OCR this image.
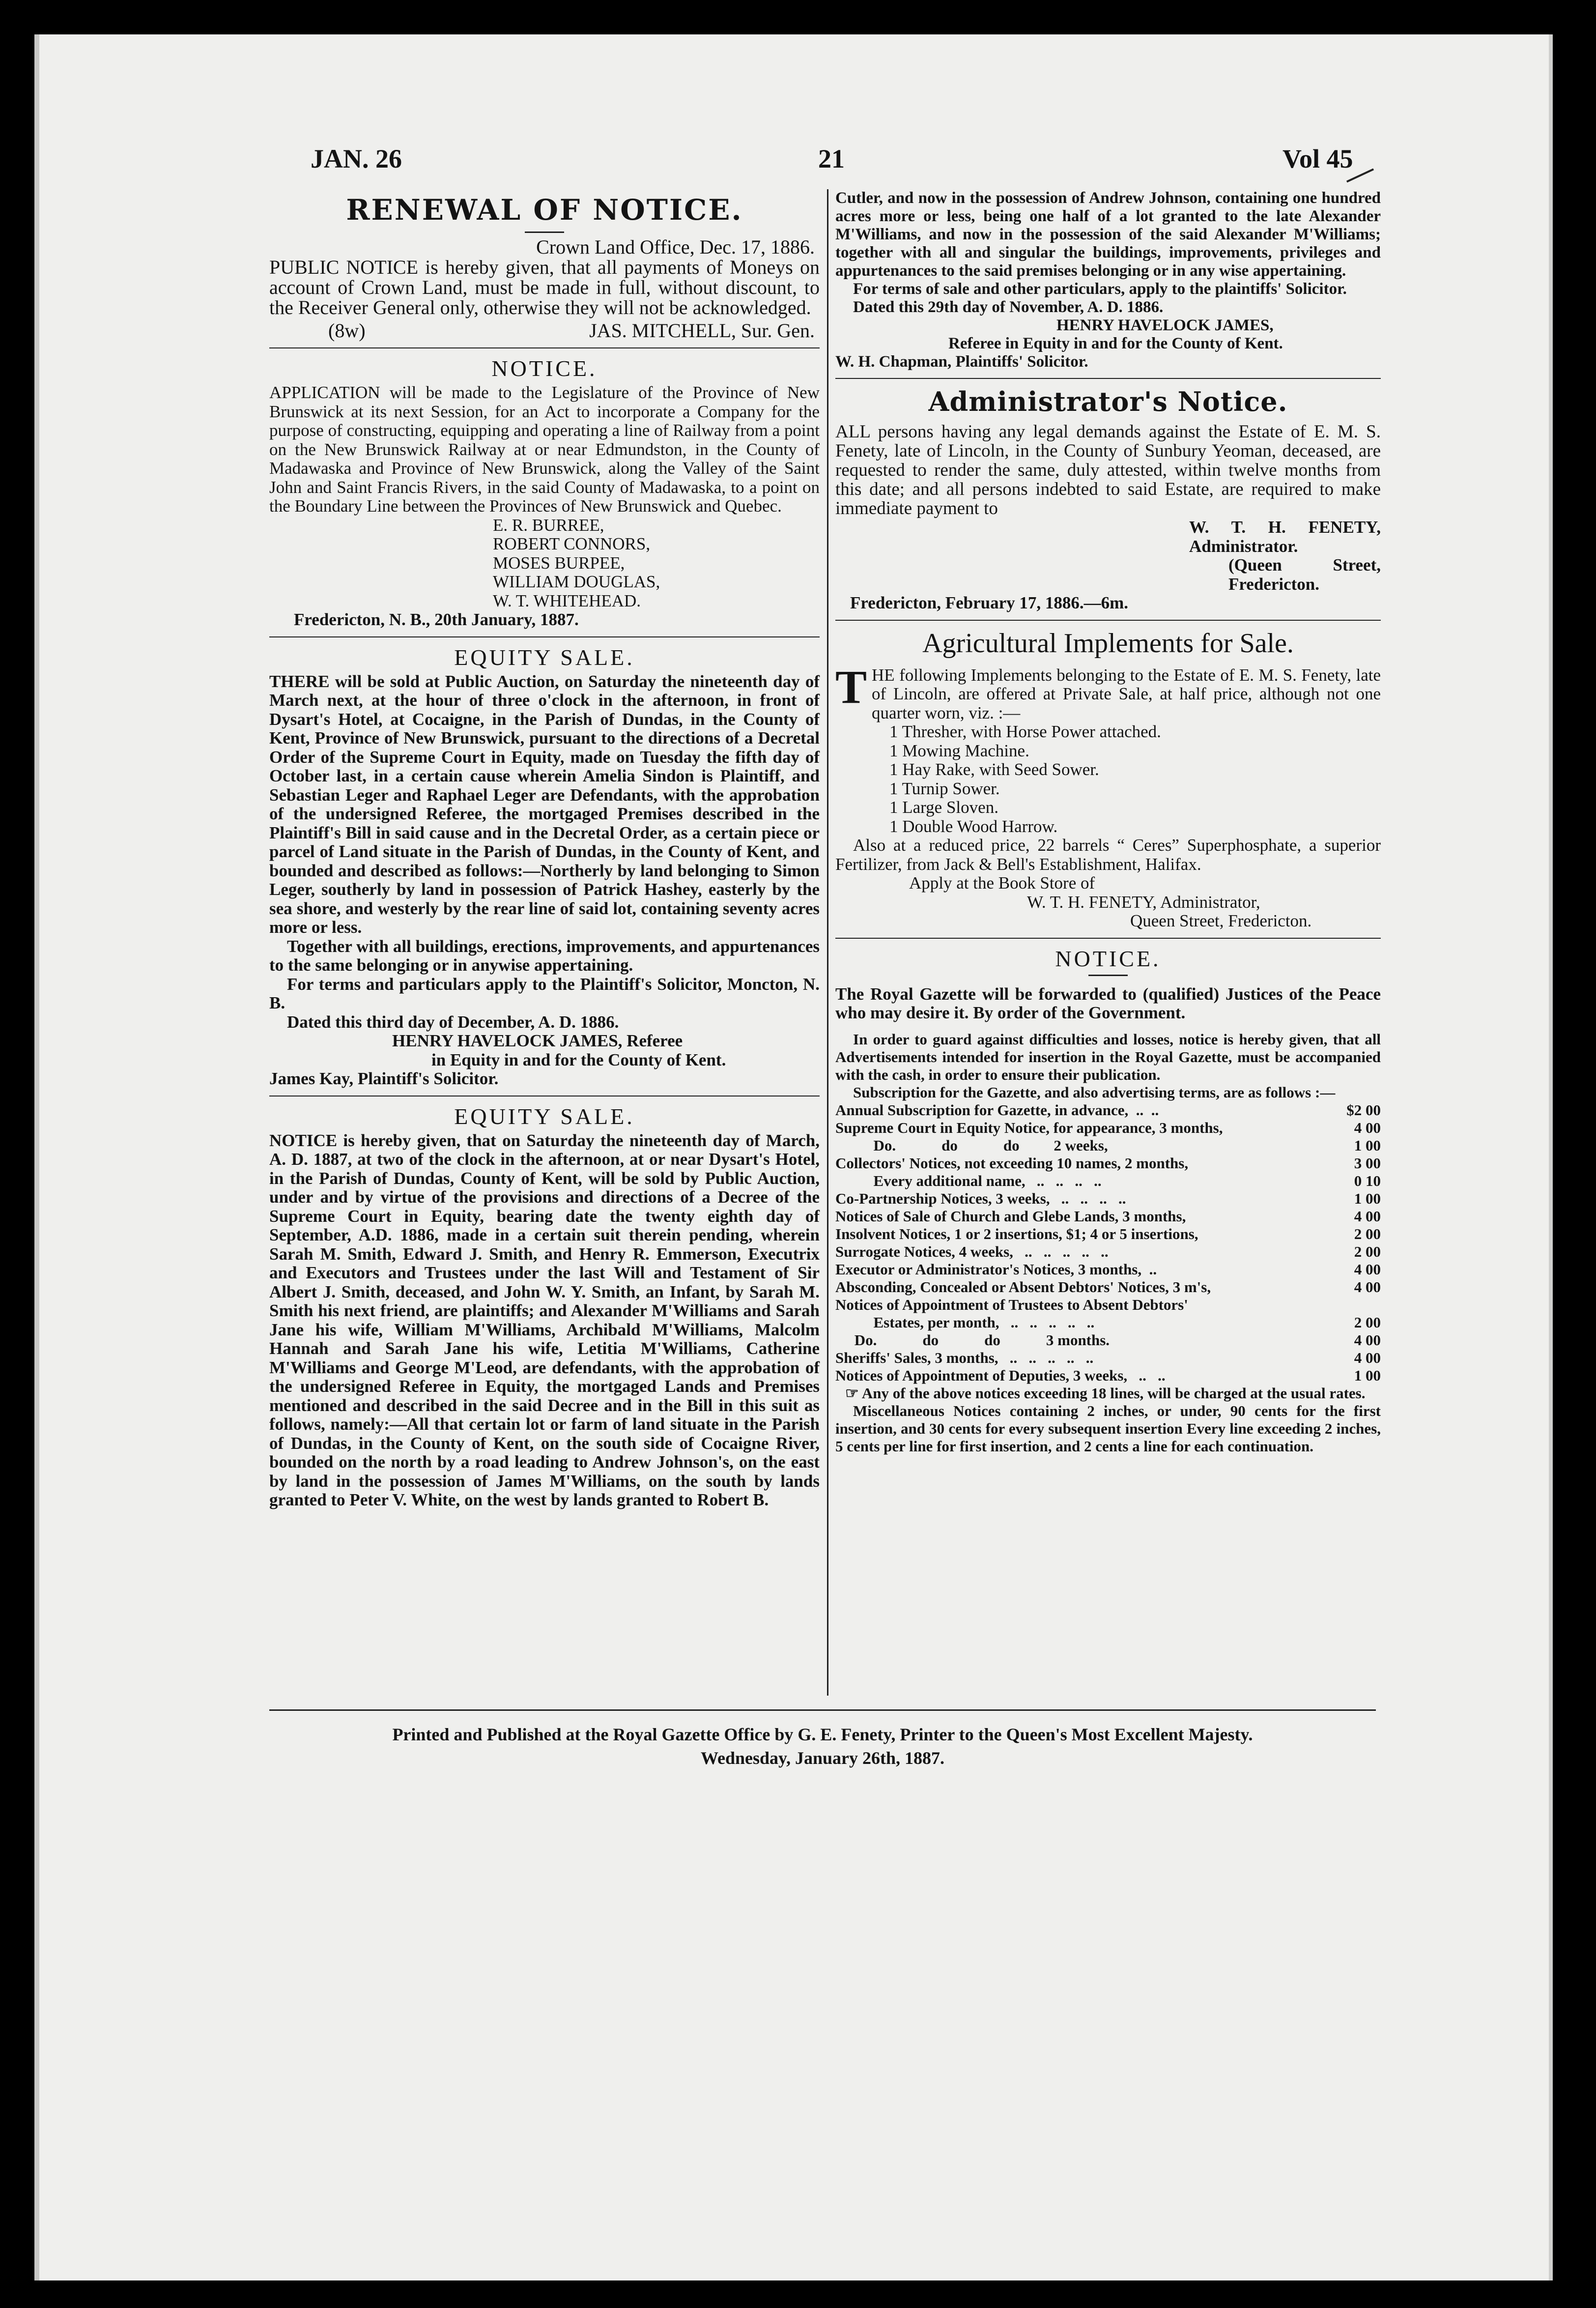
JAN. 26	21	Vol 45
RENEWAL OF NOTICE.

Crown Land Office, Dec. 17, 1886.

PUBLIC NOTICE is hereby given, that all payments of Moneys on account of Crown Land, must be made in full, without discount, to the Receiver General only, otherwise they will not be acknowledged.

(8w)	JAS. MITCHELL, Sur. Gen.
NOTICE.

APPLICATION will be made to the Legislature of the Province of New Brunswick at its next Session, for an Act to incorporate a Company for the purpose of constructing, equipping and operating a line of Railway from a point on the New Brunswick Railway at or near Edmundston, in the County of Madawaska and Province of New Brunswick, along the Valley of the Saint John and Saint Francis Rivers, in the said County of Madawaska, to a point on the Boundary Line between the Provinces of New Brunswick and Quebec.

E. R. BURREE,
ROBERT CONNORS,
MOSES BURPEE,
WILLIAM DOUGLAS,
W. T. WHITEHEAD.

Fredericton, N. B., 20th January, 1887.

EQUITY SALE.

THERE will be sold at Public Auction, on Saturday the nineteenth day of March next, at the hour of three o'clock in the afternoon, in front of Dysart's Hotel, at Cocaigne, in the Parish of Dundas, in the County of Kent, Province of New Brunswick, pursuant to the directions of a Decretal Order of the Supreme Court in Equity, made on Tuesday the fifth day of October last, in a certain cause wherein Amelia Sindon is Plaintiff, and Sebastian Leger and Raphael Leger are Defendants, with the approbation of the undersigned Referee, the mortgaged Premises described in the Plaintiff's Bill in said cause and in the Decretal Order, as a certain piece or parcel of Land situate in the Parish of Dundas, in the County of Kent, and bounded and described as follows:—Northerly by land belonging to Simon Leger, southerly by land in possession of Patrick Hashey, easterly by the sea shore, and westerly by the rear line of said lot, containing seventy acres more or less.

Together with all buildings, erections, improvements, and appurtenances to the same belonging or in anywise appertaining.

For terms and particulars apply to the Plaintiff's Solicitor, Moncton, N. B.

Dated this third day of December, A. D. 1886.

HENRY HAVELOCK JAMES, Referee

in Equity in and for the County of Kent.

James Kay, Plaintiff's Solicitor.

EQUITY SALE.

NOTICE is hereby given, that on Saturday the nineteenth day of March, A. D. 1887, at two of the clock in the afternoon, at or near Dysart's Hotel, in the Parish of Dundas, County of Kent, will be sold by Public Auction, under and by virtue of the provisions and directions of a Decree of the Supreme Court in Equity, bearing date the twenty eighth day of September, A.D. 1886, made in a certain suit therein pending, wherein Sarah M. Smith, Edward J. Smith, and Henry R. Emmerson, Executrix and Executors and Trustees under the last Will and Testament of Sir Albert J. Smith, deceased, and John W. Y. Smith, an Infant, by Sarah M. Smith his next friend, are plaintiffs; and Alexander M'Williams and Sarah Jane his wife, William M'Williams, Archibald M'Williams, Malcolm Hannah and Sarah Jane his wife, Letitia M'Williams, Catherine M'Williams and George M'Leod, are defendants, with the approbation of the undersigned Referee in Equity, the mortgaged Lands and Premises mentioned and described in the said Decree and in the Bill in this suit as follows, namely:—All that certain lot or farm of land situate in the Parish of Dundas, in the County of Kent, on the south side of Cocaigne River, bounded on the north by a road leading to Andrew Johnson's, on the east by land in the possession of James M'Williams, on the south by lands granted to Peter V. White, on the west by lands granted to Robert B.

Cutler, and now in the possession of Andrew Johnson, containing one hundred acres more or less, being one half of a lot granted to the late Alexander M'Williams, and now in the possession of the said Alexander M'Williams; together with all and singular the buildings, improvements, privileges and appurtenances to the said premises belonging or in any wise appertaining.

For terms of sale and other particulars, apply to the plaintiffs' Solicitor.

Dated this 29th day of November, A. D. 1886.

HENRY HAVELOCK JAMES,

Referee in Equity in and for the County of Kent.

W. H. Chapman, Plaintiffs' Solicitor.

Administrator's Notice.

ALL persons having any legal demands against the Estate of E. M. S. Fenety, late of Lincoln, in the County of Sunbury Yeoman, deceased, are requested to render the same, duly attested, within twelve months from this date; and all persons indebted to said Estate, are required to make immediate payment to

W. T. H. FENETY, Administrator.

(Queen Street, Fredericton.

Fredericton, February 17, 1886.—6m.

Agricultural Implements for Sale.
T HE following Implements belonging to the Estate of E. M. S. Fenety, late of Lincoln, are offered at Private Sale, at half price, although not one quarter worn, viz. :—

1 Thresher, with Horse Power attached.
1 Mowing Machine.
1 Hay Rake, with Seed Sower.
1 Turnip Sower.
1 Large Sloven.
1 Double Wood Harrow.

Also at a reduced price, 22 barrels “ Ceres” Superphosphate, a superior Fertilizer, from Jack & Bell's Establishment, Halifax.

Apply at the Book Store of

W. T. H. FENETY, Administrator,

Queen Street, Fredericton.

NOTICE.

The Royal Gazette will be forwarded to (qualified) Justices of the Peace who may desire it. By order of the Government.

In order to guard against difficulties and losses, notice is hereby given, that all Advertisements intended for insertion in the Royal Gazette, must be accompanied with the cash, in order to ensure their publication.

Subscription for the Gazette, and also advertising terms, are as follows :—

Annual Subscription for Gazette, in advance,  ..  ..	$2 00
Supreme Court in Equity Notice, for appearance, 3 months,	4 00
Do.            do            do         2 weeks,	1 00
Collectors' Notices, not exceeding 10 names, 2 months,	3 00
Every additional name,   ..   ..   ..   ..	0 10
Co-Partnership Notices, 3 weeks,   ..   ..   ..   ..	1 00
Notices of Sale of Church and Glebe Lands, 3 months,	4 00
Insolvent Notices, 1 or 2 insertions, $1; 4 or 5 insertions,	2 00
Surrogate Notices, 4 weeks,   ..   ..   ..   ..   ..	2 00
Executor or Administrator's Notices, 3 months,  ..	4 00
Absconding, Concealed or Absent Debtors' Notices, 3 m's,	4 00
Notices of Appointment of Trustees to Absent Debtors'	
Estates, per month,   ..   ..   ..   ..   ..	2 00
Do.            do            do            3 months.	4 00
Sheriffs' Sales, 3 months,   ..   ..   ..   ..   ..	4 00
Notices of Appointment of Deputies, 3 weeks,   ..   ..	1 00

☞ Any of the above notices exceeding 18 lines, will be charged at the usual rates.

Miscellaneous Notices containing 2 inches, or under, 90 cents for the first insertion, and 30 cents for every subsequent insertion Every line exceeding 2 inches, 5 cents per line for first insertion, and 2 cents a line for each continuation.

Printed and Published at the Royal Gazette Office by G. E. Fenety, Printer to the Queen's Most Excellent Majesty.
Wednesday, January 26th, 1887.
